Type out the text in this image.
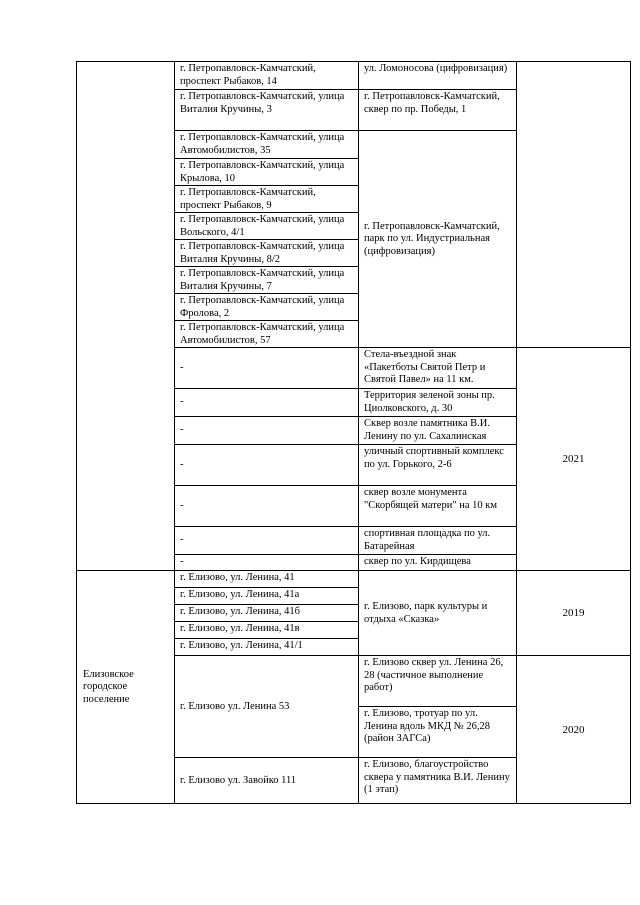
	г. Петропавловск-Камчатский, проспект Рыбаков, 14	ул. Ломоносова (цифровизация)	
	г. Петропавловск-Камчатский, улица Виталия Кручины, 3	г. Петропавловск-Камчатский, сквер по пр. Победы, 1	
	г. Петропавловск-Камчатский, улица Автомобилистов, 35	г. Петропавловск-Камчатский, парк по ул. Индустриальная (цифровизация)	
	г. Петропавловск-Камчатский, улица Крылова, 10		
	г. Петропавловск-Камчатский, проспект Рыбаков, 9		
	г. Петропавловск-Камчатский, улица Вольского, 4/1		
	г. Петропавловск-Камчатский, улица Виталия Кручины, 8/2		
	г. Петропавловск-Камчатский, улица Виталия Кручины, 7		
	г. Петропавловск-Камчатский, улица Фролова, 2		
	г. Петропавловск-Камчатский, улица Автомобилистов, 57		
	-	Стела-въездной знак «Пакетботы Святой Петр и Святой Павел» на 11 км.	2021
	-	Территория зеленой зоны пр. Циолковского, д. 30	
	-	Сквер возле памятника В.И. Ленину по ул. Сахалинская	
	-	уличный спортивный комплекс по ул. Горького, 2-6	
	-	сквер возле монумента "Скорбящей матери" на 10 км	
	-	спортивная площадка по ул. Батарейная	
	-	сквер по ул. Кирдищева	
Елизовское городское поселение	г. Елизово, ул. Ленина, 41	г. Елизово, парк культуры и отдыха «Сказка»	2019
	г. Елизово, ул. Ленина, 41а		
	г. Елизово, ул. Ленина, 41б		
	г. Елизово, ул. Ленина, 41в		
	г. Елизово, ул. Ленина, 41/1		
	г. Елизово ул. Ленина 53	г. Елизово сквер ул. Ленина 26, 28 (частичное выполнение работ)	2020
		г. Елизово, тротуар по ул. Ленина вдоль МКД № 26,28 (район ЗАГСа)	
	г. Елизово ул. Завойко 111	г. Елизово, благоустройство сквера у памятника В.И. Ленину (1 этап)	
